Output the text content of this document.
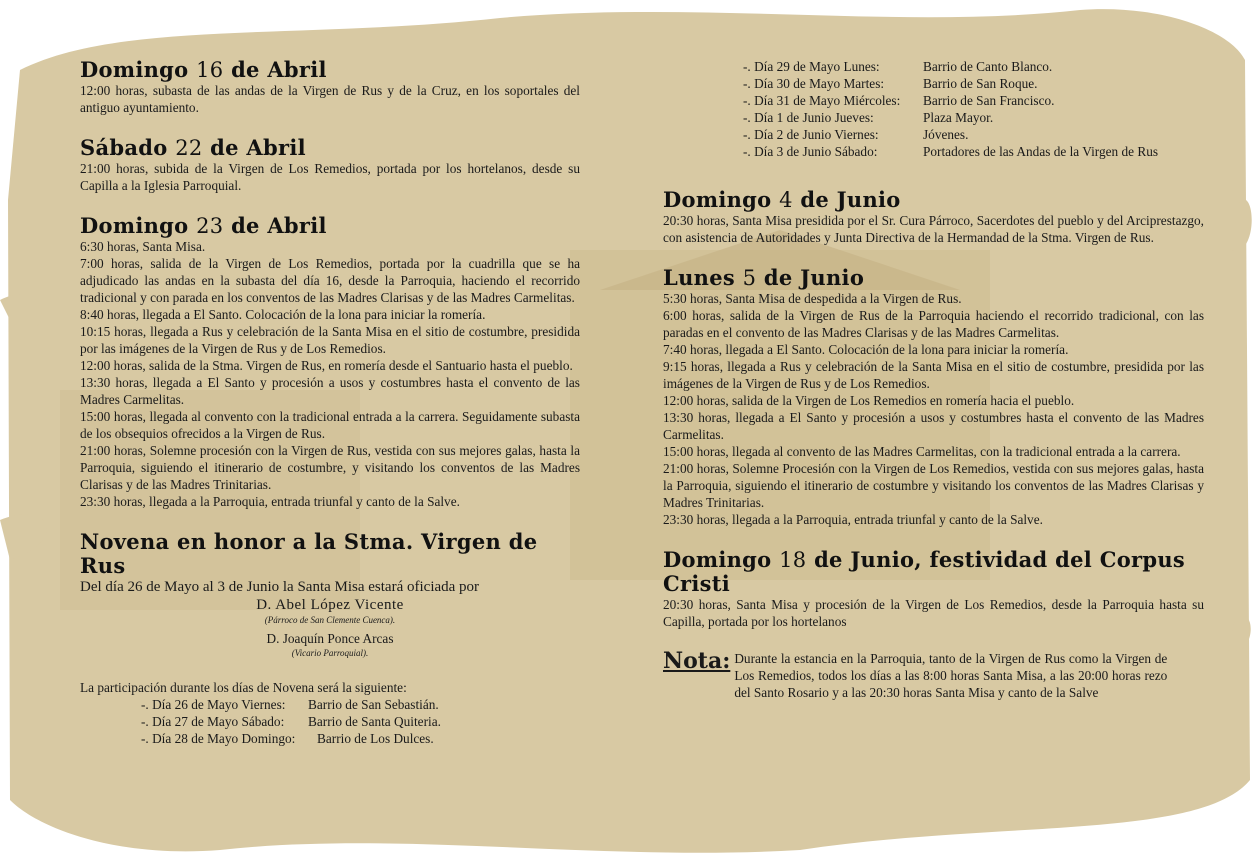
Domingo 16 de Abril

12:00 horas, subasta de las andas de la Virgen de Rus y de la Cruz, en los soportales del antiguo ayuntamiento.

Sábado 22 de Abril

21:00 horas, subida de la Virgen de Los Remedios, portada por los hortelanos, desde su Capilla a la Iglesia Parroquial.

Domingo 23 de Abril

6:30 horas, Santa Misa.

7:00 horas, salida de la Virgen de Los Remedios, portada por la cuadrilla que se ha adjudicado las andas en la subasta del día 16, desde la Parroquia, haciendo el recorrido tradicional y con parada en los conventos de las Madres Clarisas y de las Madres Carmelitas.

8:40 horas, llegada a El Santo. Colocación de la lona para iniciar la romería.

10:15 horas, llegada a Rus y celebración de la Santa Misa en el sitio de costumbre, presidida por las imágenes de la Virgen de Rus y de Los Remedios.

12:00 horas, salida de la Stma. Virgen de Rus, en romería desde el Santuario hasta el pueblo.

13:30 horas, llegada a El Santo y procesión a usos y costumbres hasta el convento de las Madres Carmelitas.

15:00 horas, llegada al convento con la tradicional entrada a la carrera. Seguidamente subasta de los obsequios ofrecidos a la Virgen de Rus.

21:00 horas, Solemne procesión con la Virgen de Rus, vestida con sus mejores galas, hasta la Parroquia, siguiendo el itinerario de costumbre, y visitando los conventos de las Madres Clarisas y de las Madres Trinitarias.

23:30 horas, llegada a la Parroquia, entrada triunfal y canto de la Salve.

Novena en honor a la Stma. Virgen de Rus

Del día 26 de Mayo al 3 de Junio la Santa Misa estará oficiada por

D. Abel López Vicente
(Párroco de San Clemente Cuenca).
D. Joaquín Ponce Arcas
(Vicario Parroquial).

La participación durante los días de Novena será la siguiente:

-. Día 26 de Mayo Viernes:	Barrio de San Sebastián.
-. Día 27 de Mayo Sábado:	Barrio de Santa Quiteria.
-. Día 28 de Mayo Domingo:	Barrio de Los Dulces.
-. Día 29 de Mayo Lunes:	Barrio de Canto Blanco.
-. Día 30 de Mayo Martes:	Barrio de San Roque.
-. Día 31 de Mayo Miércoles:	Barrio de San Francisco.
-. Día 1 de Junio Jueves:	Plaza Mayor.
-. Día 2 de Junio Viernes:	Jóvenes.
-. Día 3 de Junio Sábado:	Portadores de las Andas de la Virgen de Rus
Domingo 4 de Junio

20:30 horas, Santa Misa presidida por el Sr. Cura Párroco, Sacerdotes del pueblo y del Arciprestazgo, con asistencia de Autoridades y Junta Directiva de la Hermandad de la Stma. Virgen de Rus.

Lunes 5 de Junio

5:30 horas, Santa Misa de despedida a la Virgen de Rus.

6:00 horas, salida de la Virgen de Rus de la Parroquia haciendo el recorrido tradicional, con las paradas en el convento de las Madres Clarisas y de las Madres Carmelitas.

7:40 horas, llegada a El Santo. Colocación de la lona para iniciar la romería.

9:15 horas, llegada a Rus y celebración de la Santa Misa en el sitio de costumbre, presidida por las imágenes de la Virgen de Rus y de Los Remedios.

12:00 horas, salida de la Virgen de Los Remedios en romería hacia el pueblo.

13:30 horas, llegada a El Santo y procesión a usos y costumbres hasta el convento de las Madres Carmelitas.

15:00 horas, llegada al convento de las Madres Carmelitas, con la tradicional entrada a la carrera.

21:00 horas, Solemne Procesión con la Virgen de Los Remedios, vestida con sus mejores galas, hasta la Parroquia, siguiendo el itinerario de costumbre y visitando los conventos de las Madres Clarisas y Madres Trinitarias.

23:30 horas, llegada a la Parroquia, entrada triunfal y canto de la Salve.

Domingo 18 de Junio, festividad del Corpus Cristi

20:30 horas, Santa Misa y procesión de la Virgen de Los Remedios, desde la Parroquia hasta su Capilla, portada por los hortelanos

Nota: Durante la estancia en la Parroquia, tanto de la Virgen de Rus como la Virgen de Los Remedios, todos los días a las 8:00 horas Santa Misa, a las 20:00 horas rezo del Santo Rosario y a las 20:30 horas Santa Misa y canto de la Salve
